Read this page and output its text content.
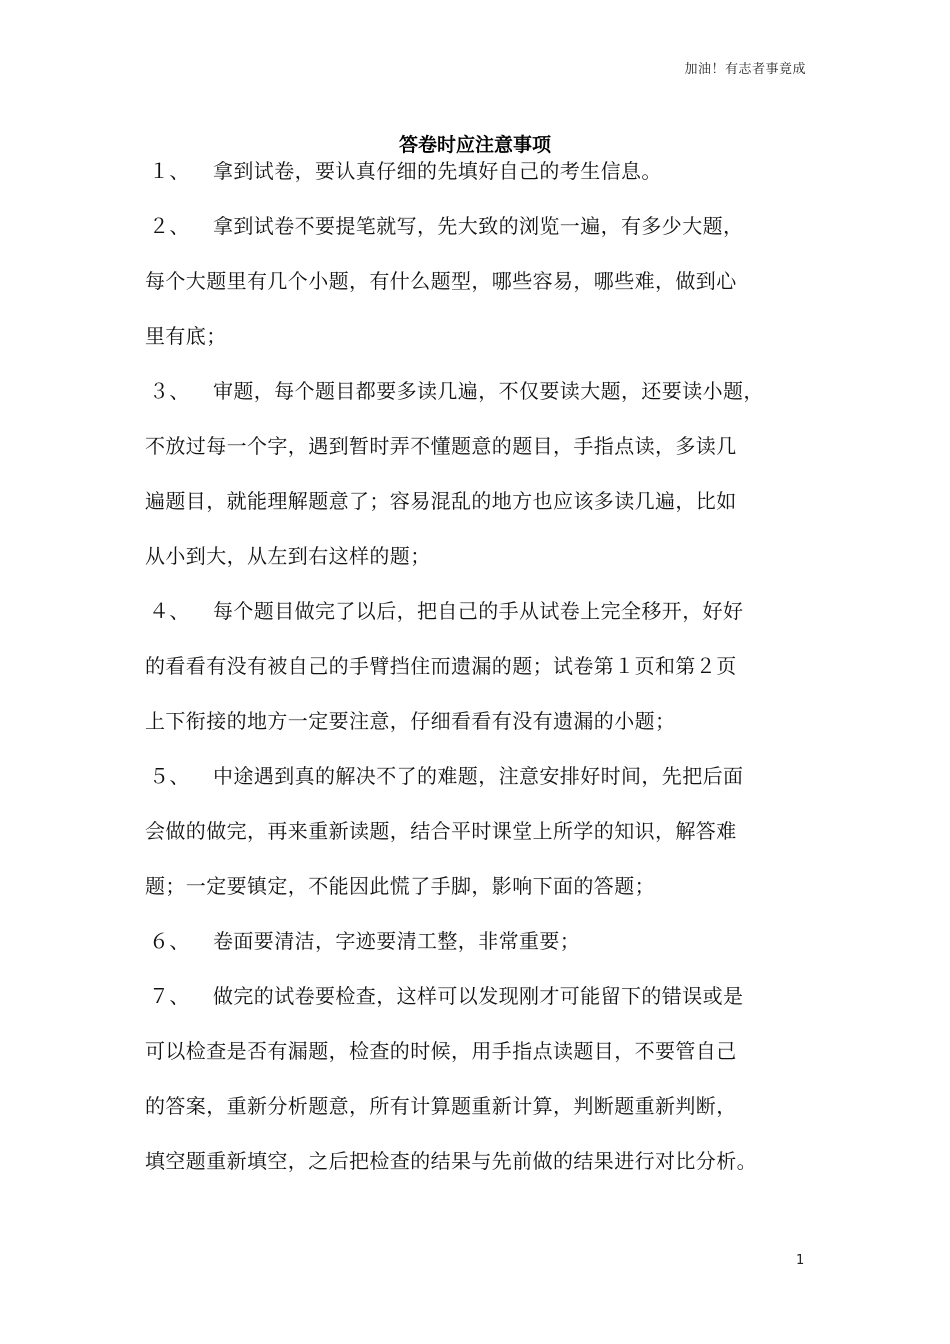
加油！有志者事竟成
答卷时应注意事项
１、 拿到试卷，要认真仔细的先填好自己的考生信息。
２、 拿到试卷不要提笔就写，先大致的浏览一遍，有多少大题，
每个大题里有几个小题，有什么题型，哪些容易，哪些难，做到心
里有底；
３、 审题，每个题目都要多读几遍，不仅要读大题，还要读小题，
不放过每一个字，遇到暂时弄不懂题意的题目，手指点读，多读几
遍题目，就能理解题意了；容易混乱的地方也应该多读几遍，比如
从小到大，从左到右这样的题；
４、 每个题目做完了以后，把自己的手从试卷上完全移开，好好
的看看有没有被自己的手臂挡住而遗漏的题；试卷第１页和第２页
上下衔接的地方一定要注意，仔细看看有没有遗漏的小题；
５、 中途遇到真的解决不了的难题，注意安排好时间，先把后面
会做的做完，再来重新读题，结合平时课堂上所学的知识，解答难
题；一定要镇定，不能因此慌了手脚，影响下面的答题；
６、 卷面要清洁，字迹要清工整，非常重要；
７、 做完的试卷要检查，这样可以发现刚才可能留下的错误或是
可以检查是否有漏题，检查的时候，用手指点读题目，不要管自己
的答案，重新分析题意，所有计算题重新计算，判断题重新判断，
填空题重新填空，之后把检查的结果与先前做的结果进行对比分析。
1
